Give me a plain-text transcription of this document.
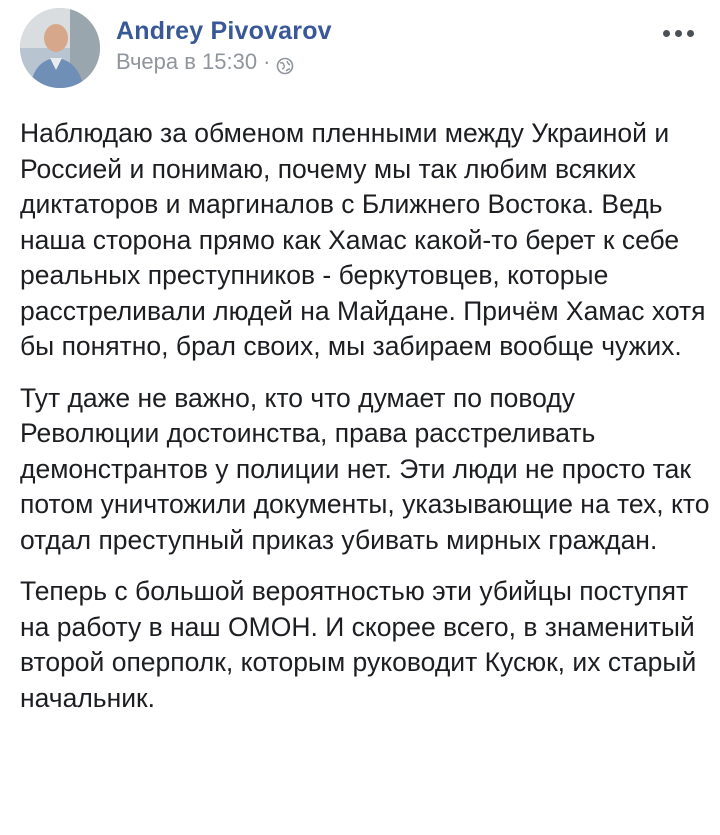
Andrey Pivovarov
Вчера в 15:30 ·

Наблюдаю за обменом пленными между Украиной и Россией и понимаю, почему мы так любим всяких диктаторов и маргиналов с Ближнего Востока. Ведь наша сторона прямо как Хамас какой-то берет к себе реальных преступников - беркутовцев, которые расстреливали людей на Майдане. Причём Хамас хотя бы понятно, брал своих, мы забираем вообще чужих.

Тут даже не важно, кто что думает по поводу Революции достоинства, права расстреливать демонстрантов у полиции нет. Эти люди не просто так потом уничтожили документы, указывающие на тех, кто отдал преступный приказ убивать мирных граждан.

Теперь с большой вероятностью эти убийцы поступят на работу в наш ОМОН. И скорее всего, в знаменитый второй оперполк, которым руководит Кусюк, их старый начальник.
